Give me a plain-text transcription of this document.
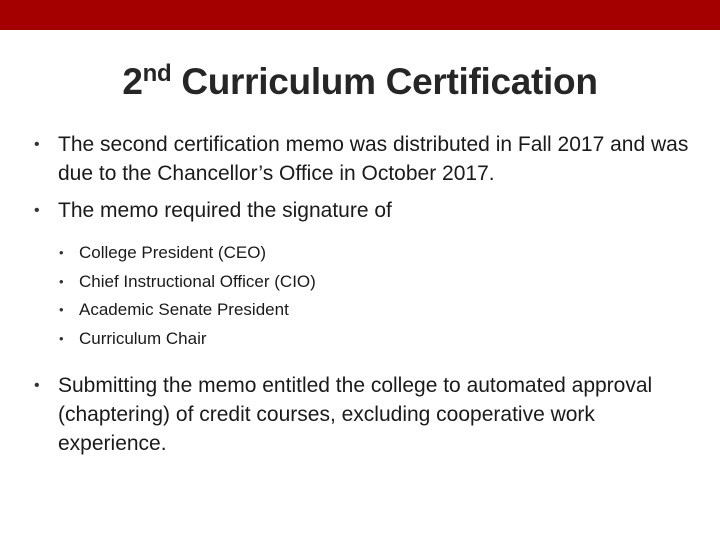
2nd Curriculum Certification
• The second certification memo was distributed in Fall 2017 and was due to the Chancellor’s Office in October 2017.
• The memo required the signature of
• College President (CEO)
• Chief Instructional Officer (CIO)
• Academic Senate President
• Curriculum Chair
• Submitting the memo entitled the college to automated approval (chaptering) of credit courses, excluding cooperative work experience.
